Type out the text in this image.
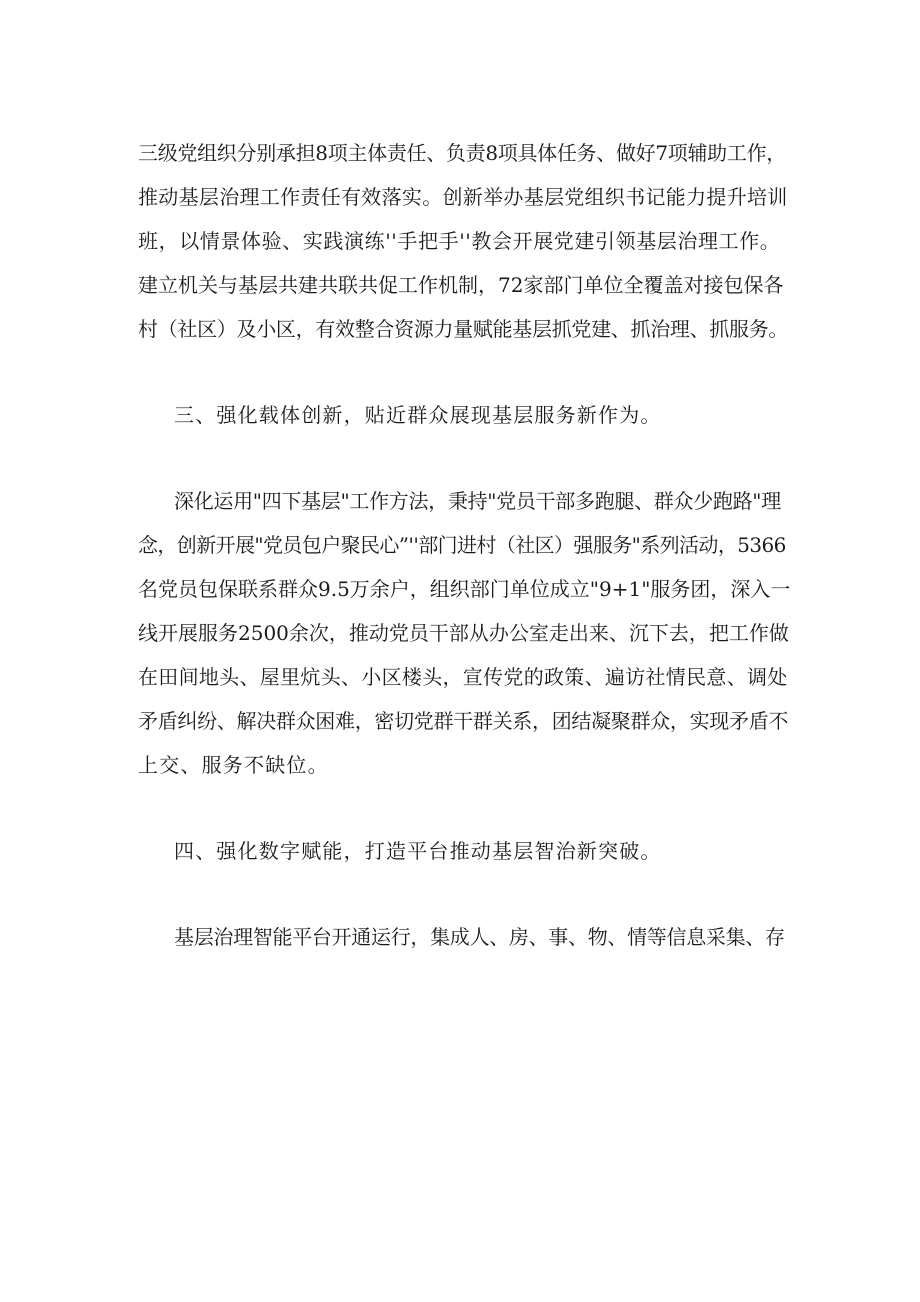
三级党组织分别承担8项主体责任、负责8项具体任务、做好7项辅助工作，
推动基层治理工作责任有效落实。创新举办基层党组织书记能力提升培训
班，以情景体验、实践演练''手把手''教会开展党建引领基层治理工作。
建立机关与基层共建共联共促工作机制，72家部门单位全覆盖对接包保各
村（社区）及小区，有效整合资源力量赋能基层抓党建、抓治理、抓服务。
三、强化载体创新，贴近群众展现基层服务新作为。
深化运用"四下基层"工作方法，秉持"党员干部多跑腿、群众少跑路"理
念，创新开展"党员包户聚民心”''部门进村（社区）强服务"系列活动，5366
名党员包保联系群众9.5万余户，组织部门单位成立"9+1"服务团，深入一
线开展服务2500余次，推动党员干部从办公室走出来、沉下去，把工作做
在田间地头、屋里炕头、小区楼头，宣传党的政策、遍访社情民意、调处
矛盾纠纷、解决群众困难，密切党群干群关系，团结凝聚群众，实现矛盾不
上交、服务不缺位。
四、强化数字赋能，打造平台推动基层智治新突破。
基层治理智能平台开通运行，集成人、房、事、物、情等信息采集、存
